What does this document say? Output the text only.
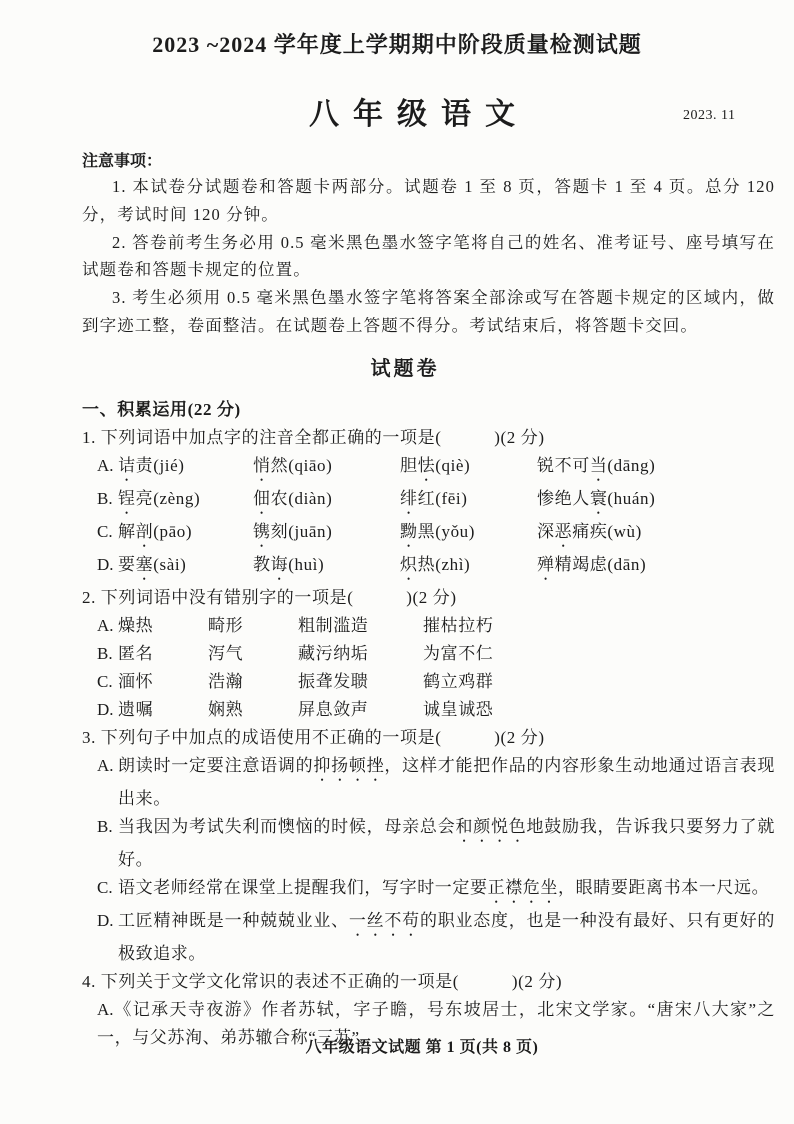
2023 ~2024 学年度上学期期中阶段质量检测试题
八年级语文	2023. 11
注意事项：

1. 本试卷分试题卷和答题卡两部分。试题卷 1 至 8 页，答题卡 1 至 4 页。总分 120 分，考试时间 120 分钟。

2. 答卷前考生务必用 0.5 毫米黑色墨水签字笔将自己的姓名、准考证号、座号填写在试题卷和答题卡规定的位置。

3. 考生必须用 0.5 毫米黑色墨水签字笔将答案全部涂或写在答题卡规定的区域内，做到字迹工整，卷面整洁。在试题卷上答题不得分。考试结束后，将答题卡交回。

试题卷
一、积累运用(22 分)
1. 下列词语中加点字的注音全都正确的一项是(　　　)(2 分)
A. 诘责(jié)	悄然(qiāo)	胆怯(qiè)	锐不可当(dāng)
B. 锃亮(zèng)	佃农(diàn)	绯红(fēi)	惨绝人寰(huán)
C. 解剖(pāo)	镌刻(juān)	黝黑(yǒu)	深恶痛疾(wù)
D. 要塞(sài)	教诲(huì)	炽热(zhì)	殚精竭虑(dān)
2. 下列词语中没有错别字的一项是(　　　)(2 分)
A. 燥热	畸形	粗制滥造	摧枯拉朽
B. 匿名	泻气	藏污纳垢	为富不仁
C. 湎怀	浩瀚	振聋发聩	鹤立鸡群
D. 遗嘱	娴熟	屏息敛声	诚皇诚恐
3. 下列句子中加点的成语使用不正确的一项是(　　　)(2 分)
A. 朗读时一定要注意语调的抑扬顿挫，这样才能把作品的内容形象生动地通过语言表现出来。
B. 当我因为考试失利而懊恼的时候，母亲总会和颜悦色地鼓励我，告诉我只要努力了就好。
C. 语文老师经常在课堂上提醒我们，写字时一定要正襟危坐，眼睛要距离书本一尺远。
D. 工匠精神既是一种兢兢业业、一丝不苟的职业态度，也是一种没有最好、只有更好的极致追求。
4. 下列关于文学文化常识的表述不正确的一项是(　　　)(2 分)
A.《记承天寺夜游》作者苏轼，字子瞻，号东坡居士，北宋文学家。“唐宋八大家”之一，与父苏洵、弟苏辙合称“三苏”。
八年级语文试题 第 1 页(共 8 页)
